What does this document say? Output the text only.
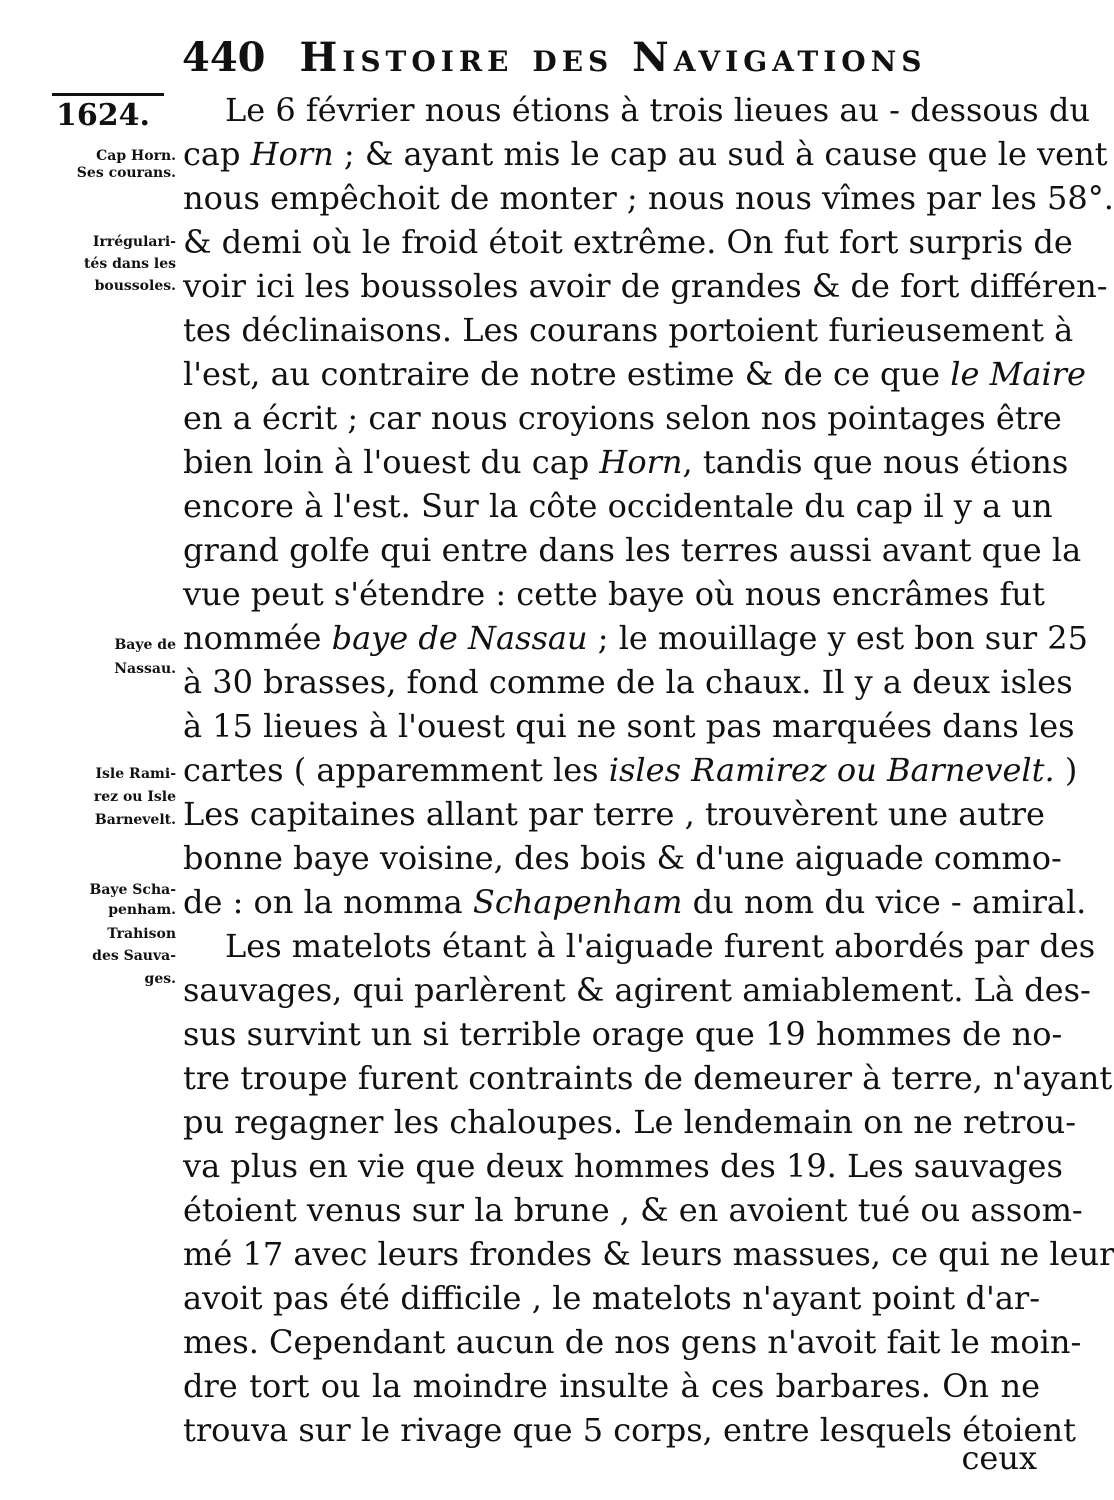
440 Histoire des Navigations
1624.
Cap Horn.
Ses courans.
Irrégulari-
tés dans les
boussoles.
Baye de
Nassau.
Isle Rami-
rez ou Isle
Barnevelt.
Baye Scha-
penham.
Trahison
des Sauva-
ges.
Le 6 février nous étions à trois lieues au - dessous du
cap Horn ; & ayant mis le cap au sud à cause que le vent
nous empêchoit de monter ; nous nous vîmes par les 58°.
& demi où le froid étoit extrême. On fut fort surpris de
voir ici les boussoles avoir de grandes & de fort différen-
tes déclinaisons. Les courans portoient furieusement à
l'est, au contraire de notre estime & de ce que le Maire
en a écrit ; car nous croyions selon nos pointages être
bien loin à l'ouest du cap Horn, tandis que nous étions
encore à l'est. Sur la côte occidentale du cap il y a un
grand golfe qui entre dans les terres aussi avant que la
vue peut s'étendre : cette baye où nous encrâmes fut
nommée baye de Nassau ; le mouillage y est bon sur 25
à 30 brasses, fond comme de la chaux. Il y a deux isles
à 15 lieues à l'ouest qui ne sont pas marquées dans les
cartes ( apparemment les isles Ramirez ou Barnevelt. )
Les capitaines allant par terre , trouvèrent une autre
bonne baye voisine, des bois & d'une aiguade commo-
de : on la nomma Schapenham du nom du vice - amiral.
Les matelots étant à l'aiguade furent abordés par des
sauvages, qui parlèrent & agirent amiablement. Là des-
sus survint un si terrible orage que 19 hommes de no-
tre troupe furent contraints de demeurer à terre, n'ayant
pu regagner les chaloupes. Le lendemain on ne retrou-
va plus en vie que deux hommes des 19. Les sauvages
étoient venus sur la brune , & en avoient tué ou assom-
mé 17 avec leurs frondes & leurs massues, ce qui ne leur
avoit pas été difficile , le matelots n'ayant point d'ar-
mes. Cependant aucun de nos gens n'avoit fait le moin-
dre tort ou la moindre insulte à ces barbares. On ne
trouva sur le rivage que 5 corps, entre lesquels étoient
ceux
